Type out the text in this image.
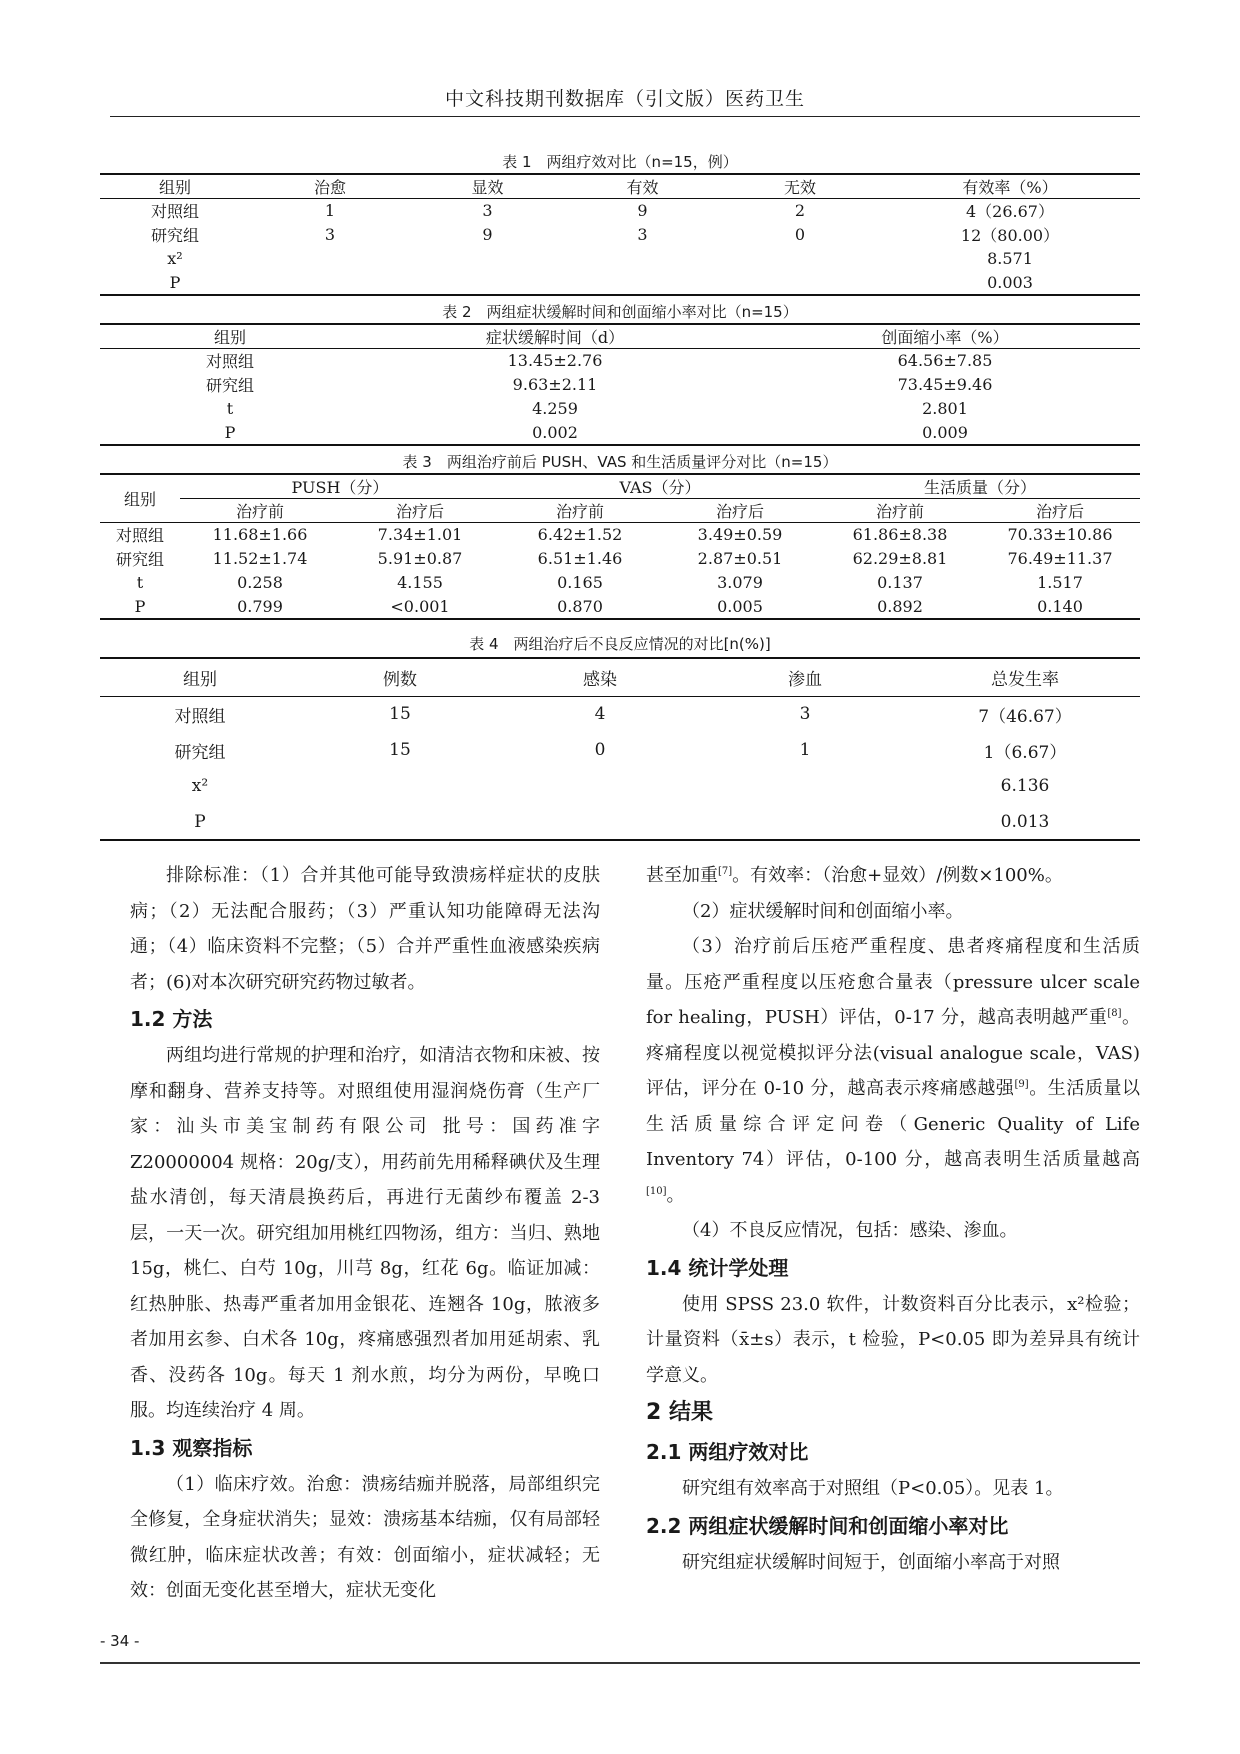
中文科技期刊数据库（引文版）医药卫生
表 1　两组疗效对比（n=15，例）					
组别	治愈	显效	有效	无效	有效率（%）
对照组	1	3	9	2	4（26.67）
研究组	3	9	3	0	12（80.00）
x²					8.571
P					0.003
表 2　两组症状缓解时间和创面缩小率对比（n=15）		
组别	症状缓解时间（d）	创面缩小率（%）
对照组	13.45±2.76	64.56±7.85
研究组	9.63±2.11	73.45±9.46
t	4.259	2.801
P	0.002	0.009
表 3　两组治疗前后 PUSH、VAS 和生活质量评分对比（n=15）						
组别	PUSH（分）		VAS（分）		生活质量（分）	
	治疗前	治疗后	治疗前	治疗后	治疗前	治疗后
对照组	11.68±1.66	7.34±1.01	6.42±1.52	3.49±0.59	61.86±8.38	70.33±10.86
研究组	11.52±1.74	5.91±0.87	6.51±1.46	2.87±0.51	62.29±8.81	76.49±11.37
t	0.258	4.155	0.165	3.079	0.137	1.517
P	0.799	<0.001	0.870	0.005	0.892	0.140
表 4　两组治疗后不良反应情况的对比[n(%)]				
组别	例数	感染	渗血	总发生率
对照组	15	4	3	7（46.67）
研究组	15	0	1	1（6.67）
x²				6.136
P				0.013

排除标准：（1）合并其他可能导致溃疡样症状的皮肤病；（2）无法配合服药；（3）严重认知功能障碍无法沟通；（4）临床资料不完整；（5）合并严重性血液感染疾病者；(6)对本次研究研究药物过敏者。

1.2 方法

两组均进行常规的护理和治疗，如清洁衣物和床被、按摩和翻身、营养支持等。对照组使用湿润烧伤膏（生产厂家：汕头市美宝制药有限公司 批号：国药准字 Z20000004 规格：20g/支），用药前先用稀释碘伏及生理盐水清创，每天清晨换药后，再进行无菌纱布覆盖 2-3 层，一天一次。研究组加用桃红四物汤，组方：当归、熟地 15g，桃仁、白芍 10g，川芎 8g，红花 6g。临证加减：红热肿胀、热毒严重者加用金银花、连翘各 10g，脓液多者加用玄参、白术各 10g，疼痛感强烈者加用延胡索、乳香、没药各 10g。每天 1 剂水煎，均分为两份，早晚口服。均连续治疗 4 周。

1.3 观察指标

（1）临床疗效。治愈：溃疡结痂并脱落，局部组织完全修复，全身症状消失；显效：溃疡基本结痂，仅有局部轻微红肿，临床症状改善；有效：创面缩小，症状减轻；无效：创面无变化甚至增大，症状无变化

甚至加重[7]。有效率：（治愈+显效）/例数×100%。

（2）症状缓解时间和创面缩小率。

（3）治疗前后压疮严重程度、患者疼痛程度和生活质量。压疮严重程度以压疮愈合量表（pressure ulcer scale for healing，PUSH）评估，0-17 分，越高表明越严重[8]。疼痛程度以视觉模拟评分法(visual analogue scale，VAS)评估，评分在 0-10 分，越高表示疼痛感越强[9]。生活质量以生活质量综合评定问卷（Generic Quality of Life Inventory 74）评估，0-100 分，越高表明生活质量越高[10]。

（4）不良反应情况，包括：感染、渗血。

1.4 统计学处理

使用 SPSS 23.0 软件，计数资料百分比表示，x²检验；计量资料（x̄±s）表示，t 检验，P<0.05 即为差异具有统计学意义。

2 结果
2.1 两组疗效对比

研究组有效率高于对照组（P<0.05）。见表 1。

2.2 两组症状缓解时间和创面缩小率对比

研究组症状缓解时间短于，创面缩小率高于对照

- 34 -
